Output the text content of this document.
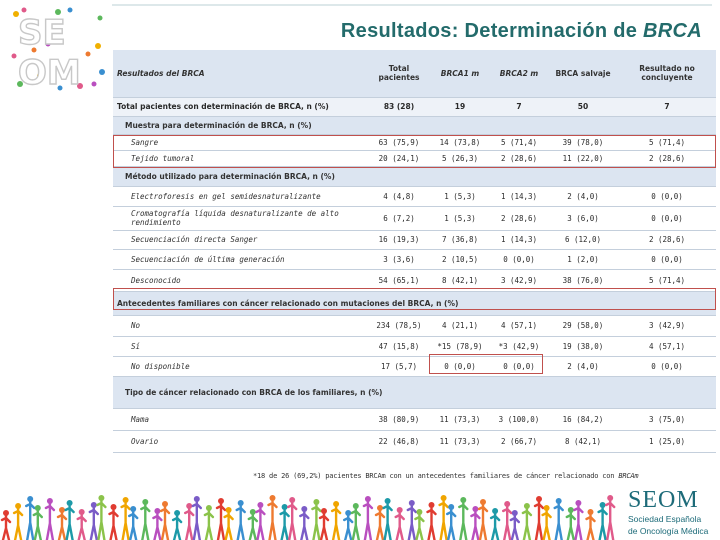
SE
OM
Resultados: Determinación de BRCA
Resultados del BRCA	Total pacientes	BRCA1 m	BRCA2 m	BRCA salvaje	Resultado no concluyente
Total pacientes con determinación de BRCA, n (%)	83 (28)	19	7	50	7
Muestra para determinación de BRCA, n (%)					
Sangre	63 (75,9)	14 (73,8)	5 (71,4)	39 (78,0)	5 (71,4)
Tejido tumoral	20 (24,1)	5 (26,3)	2 (28,6)	11 (22,0)	2 (28,6)
Método utilizado para determinación BRCA, n (%)					
Electroforesis en gel semidesnaturalizante	4 (4,8)	1 (5,3)	1 (14,3)	2 (4,0)	0 (0,0)
Cromatografía líquida desnaturalizante de alto rendimiento	6 (7,2)	1 (5,3)	2 (28,6)	3 (6,0)	0 (0,0)
Secuenciación directa Sanger	16 (19,3)	7 (36,8)	1 (14,3)	6 (12,0)	2 (28,6)
Secuenciación de última generación	3 (3,6)	2 (10,5)	0 (0,0)	1 (2,0)	0 (0,0)
Desconocido	54 (65,1)	8 (42,1)	3 (42,9)	38 (76,0)	5 (71,4)
Antecedentes familiares con cáncer relacionado con mutaciones del BRCA, n (%)					
No	234 (78,5)	4 (21,1)	4 (57,1)	29 (58,0)	3 (42,9)
Sí	47 (15,8)	*15 (78,9)	*3 (42,9)	19 (38,0)	4 (57,1)
No disponible	17 (5,7)	0 (0,0)	0 (0,0)	2 (4,0)	0 (0,0)
Tipo de cáncer relacionado con BRCA de los familiares, n (%)					
Mama	38 (80,9)	11 (73,3)	3 (100,0)	16 (84,2)	3 (75,0)
Ovario	22 (46,8)	11 (73,3)	2 (66,7)	8 (42,1)	1 (25,0)
*18 de 26 (69,2%) pacientes BRCAm con un antecedentes familiares de cáncer relacionado con BRCAm
SEOM
Sociedad Española
de Oncología Médica
